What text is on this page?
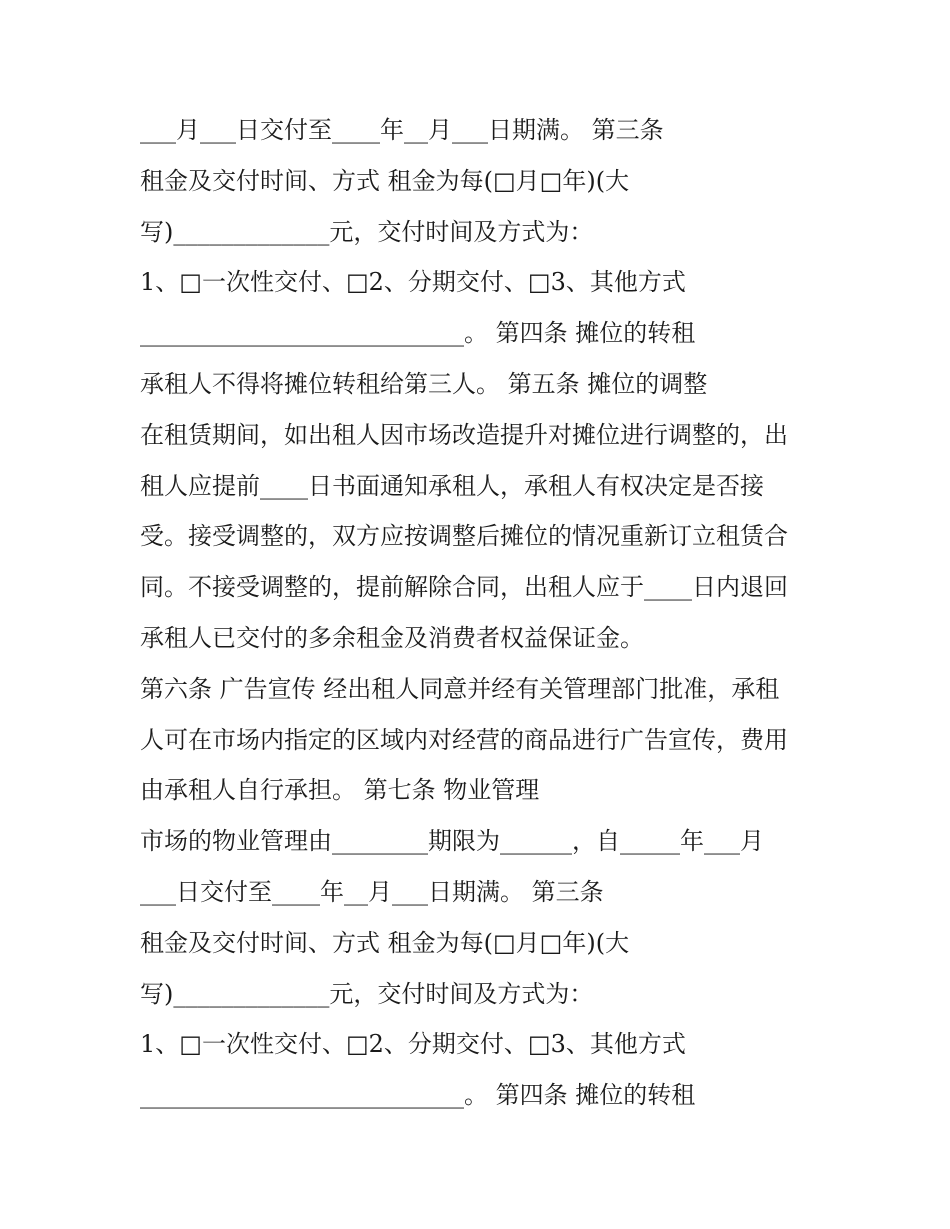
___月___日交付至____年__月___日期满。 第三条
租金及交付时间、方式 租金为每(□月□年)(大
写)_____________元，交付时间及方式为：
1、□一次性交付、□2、分期交付、□3、其他方式
___________________________。 第四条 摊位的转租
承租人不得将摊位转租给第三人。 第五条 摊位的调整
在租赁期间，如出租人因市场改造提升对摊位进行调整的，出
租人应提前____日书面通知承租人，承租人有权决定是否接
受。接受调整的，双方应按调整后摊位的情况重新订立租赁合
同。不接受调整的，提前解除合同，出租人应于____日内退回
承租人已交付的多余租金及消费者权益保证金。
第六条 广告宣传 经出租人同意并经有关管理部门批准，承租
人可在市场内指定的区域内对经营的商品进行广告宣传，费用
由承租人自行承担。 第七条 物业管理
市场的物业管理由________期限为______，自_____年___月
___日交付至____年__月___日期满。 第三条
租金及交付时间、方式 租金为每(□月□年)(大
写)_____________元，交付时间及方式为：
1、□一次性交付、□2、分期交付、□3、其他方式
___________________________。 第四条 摊位的转租
